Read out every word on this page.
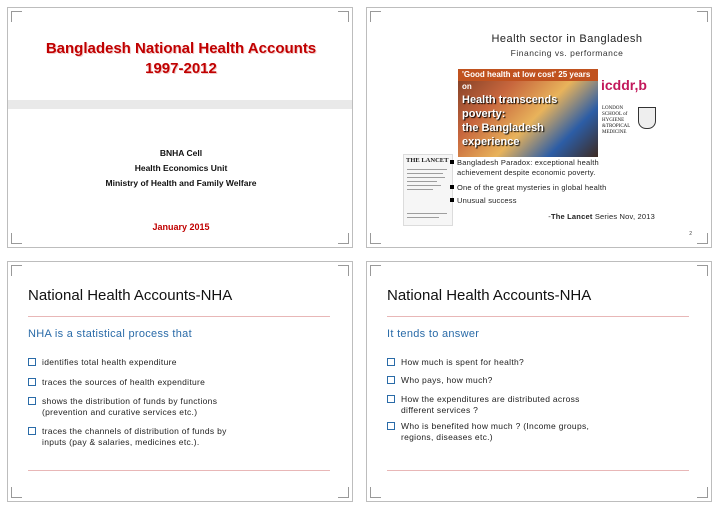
Bangladesh National Health Accounts
1997-2012
BNHA Cell
Health Economics Unit
Ministry of Health and Family Welfare
January 2015
Health sector in Bangladesh
Financing vs. performance
'Good health at low cost' 25 years on
Health transcends poverty:
the Bangladesh
experience
icddr,b
LONDON
SCHOOL of
HYGIENE
&TROPICAL
MEDICINE
THE LANCET Bangladesh Paradox: exceptional health
achievement despite economic poverty.
One of the great mysteries in global health
Unusual success
-The Lancet Series Nov, 2013
2
National Health Accounts-NHA
NHA is a statistical process that
identifies total health expenditure
traces the sources of health expenditure
shows the distribution of funds by functions
(prevention and curative services etc.)
traces the channels of distribution of funds by
inputs (pay & salaries, medicines etc.).
National Health Accounts-NHA
It tends to answer
How much is spent for health?
Who pays, how much?
How the expenditures are distributed across
different services ?
Who is benefited how much ? (Income groups,
regions, diseases etc.)
